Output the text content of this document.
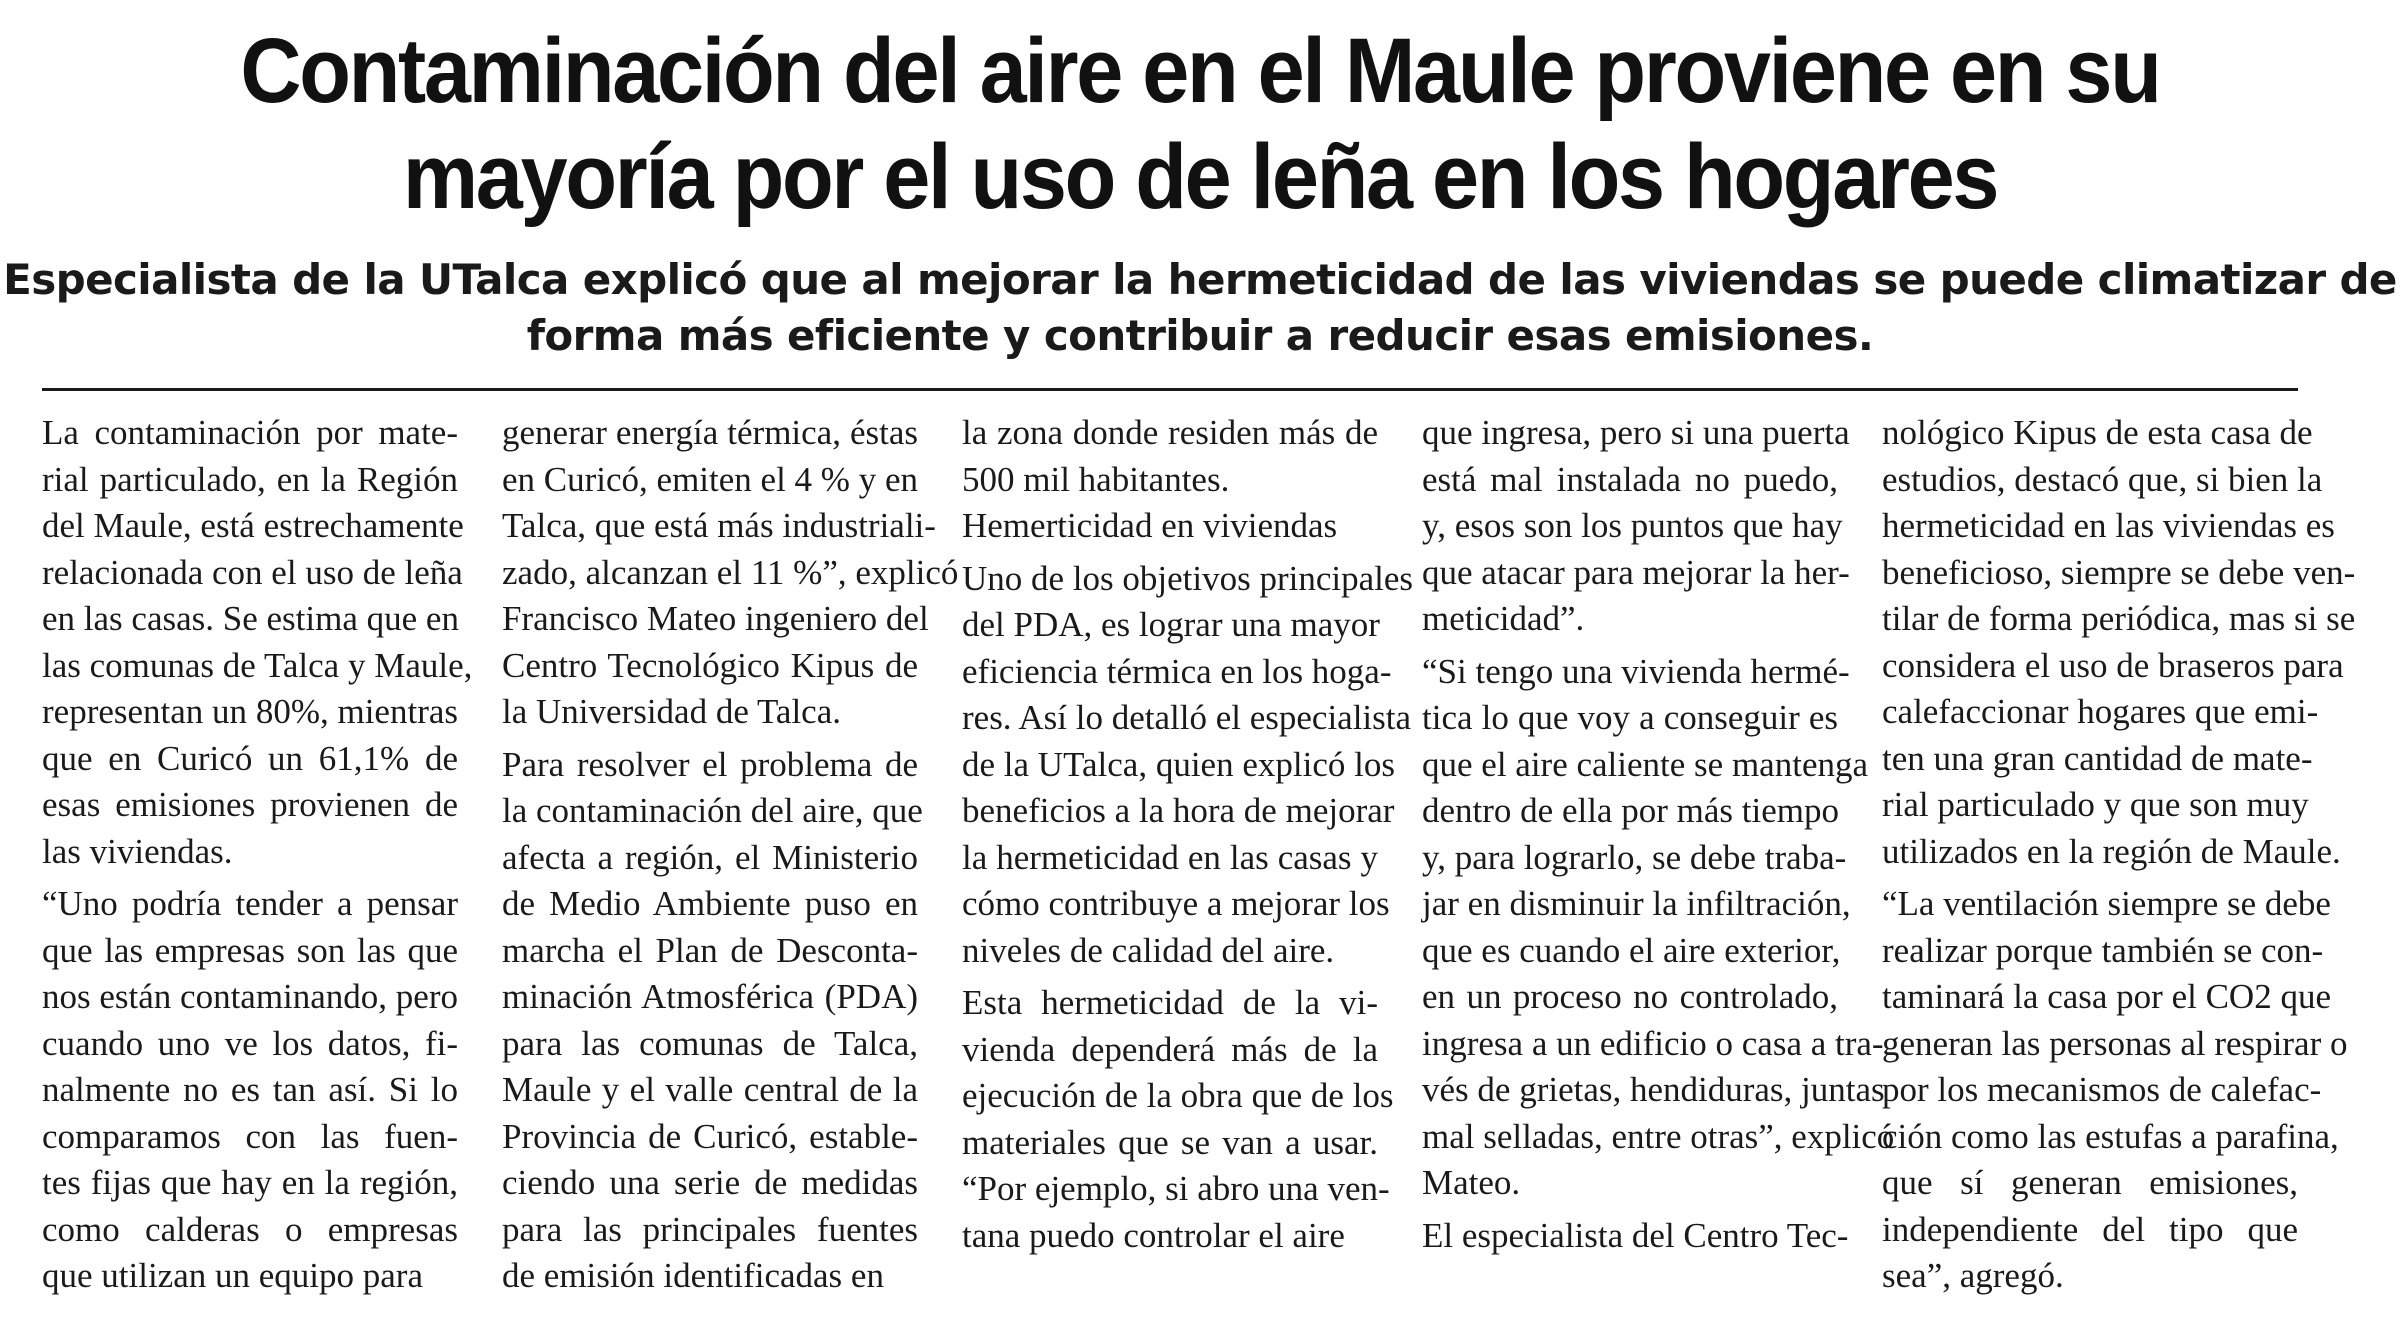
Contaminación del aire en el Maule proviene en su
mayoría por el uso de leña en los hogares
Especialista de la UTalca explicó que al mejorar la hermeticidad de las viviendas se puede climatizar de
forma más eficiente y contribuir a reducir esas emisiones.
La contaminación por mate-
rial particulado, en la Región
del Maule, está estrechamente
relacionada con el uso de leña
en las casas. Se estima que en
las comunas de Talca y Maule,
representan un 80%, mientras
que en Curicó un 61,1% de
esas emisiones provienen de
las viviendas.
“Uno podría tender a pensar
que las empresas son las que
nos están contaminando, pero
cuando uno ve los datos, fi-
nalmente no es tan así. Si lo
comparamos con las fuen-
tes fijas que hay en la región,
como calderas o empresas
que utilizan un equipo para
generar energía térmica, éstas
en Curicó, emiten el 4 % y en
Talca, que está más industriali-
zado, alcanzan el 11 %”, explicó
Francisco Mateo ingeniero del
Centro Tecnológico Kipus de
la Universidad de Talca.
Para resolver el problema de
la contaminación del aire, que
afecta a región, el Ministerio
de Medio Ambiente puso en
marcha el Plan de Desconta-
minación Atmosférica (PDA)
para las comunas de Talca,
Maule y el valle central de la
Provincia de Curicó, estable-
ciendo una serie de medidas
para las principales fuentes
de emisión identificadas en
la zona donde residen más de
500 mil habitantes.
Hemerticidad en viviendas
Uno de los objetivos principales
del PDA, es lograr una mayor
eficiencia térmica en los hoga-
res. Así lo detalló el especialista
de la UTalca, quien explicó los
beneficios a la hora de mejorar
la hermeticidad en las casas y
cómo contribuye a mejorar los
niveles de calidad del aire.
Esta hermeticidad de la vi-
vienda dependerá más de la
ejecución de la obra que de los
materiales que se van a usar.
“Por ejemplo, si abro una ven-
tana puedo controlar el aire
que ingresa, pero si una puerta
está mal instalada no puedo,
y, esos son los puntos que hay
que atacar para mejorar la her-
meticidad”.
“Si tengo una vivienda hermé-
tica lo que voy a conseguir es
que el aire caliente se mantenga
dentro de ella por más tiempo
y, para lograrlo, se debe traba-
jar en disminuir la infiltración,
que es cuando el aire exterior,
en un proceso no controlado,
ingresa a un edificio o casa a tra-
vés de grietas, hendiduras, juntas
mal selladas, entre otras”, explicó
Mateo.
El especialista del Centro Tec-
nológico Kipus de esta casa de
estudios, destacó que, si bien la
hermeticidad en las viviendas es
beneficioso, siempre se debe ven-
tilar de forma periódica, mas si se
considera el uso de braseros para
calefaccionar hogares que emi-
ten una gran cantidad de mate-
rial particulado y que son muy
utilizados en la región de Maule.
“La ventilación siempre se debe
realizar porque también se con-
taminará la casa por el CO2 que
generan las personas al respirar o
por los mecanismos de calefac-
ción como las estufas a parafina,
que sí generan emisiones,
independiente del tipo que
sea”, agregó.
